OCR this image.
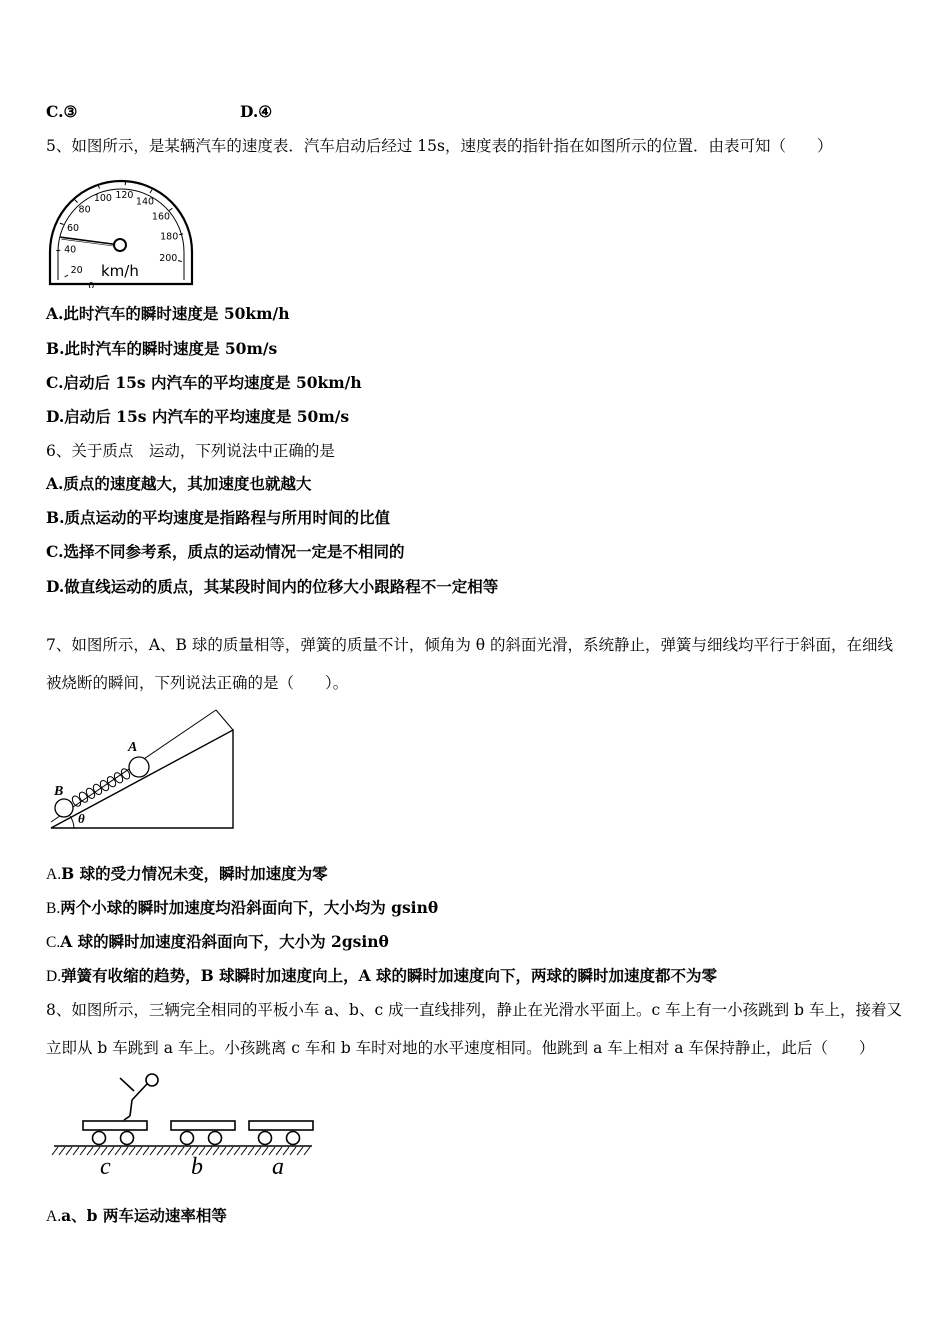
C.③	D.④
5、如图所示，是某辆汽车的速度表．汽车启动后经过 15s，速度表的指针指在如图所示的位置．由表可知（　　）
0
20
40
60
80
100 120
140
160
180
200
km/h
A.此时汽车的瞬时速度是 50km/h
B.此时汽车的瞬时速度是 50m/s
C.启动后 15s 内汽车的平均速度是 50km/h
D.启动后 15s 内汽车的平均速度是 50m/s
6、关于质点　运动，下列说法中正确的是
A.质点的速度越大，其加速度也就越大
B.质点运动的平均速度是指路程与所用时间的比值
C.选择不同参考系，质点的运动情况一定是不相同的
D.做直线运动的质点，其某段时间内的位移大小跟路程不一定相等
7、如图所示，A、B 球的质量相等，弹簧的质量不计，倾角为 θ 的斜面光滑，系统静止，弹簧与细线均平行于斜面，在细线
被烧断的瞬间，下列说法正确的是（　　）。
A
B
θ
A.B 球的受力情况未变，瞬时加速度为零
B.两个小球的瞬时加速度均沿斜面向下，大小均为 gsinθ
C.A 球的瞬时加速度沿斜面向下，大小为 2gsinθ
D.弹簧有收缩的趋势，B 球瞬时加速度向上，A 球的瞬时加速度向下，两球的瞬时加速度都不为零
8、如图所示，三辆完全相同的平板小车 a、b、c 成一直线排列，静止在光滑水平面上。c 车上有一小孩跳到 b 车上，接着又
立即从 b 车跳到 a 车上。小孩跳离 c 车和 b 车时对地的水平速度相同。他跳到 a 车上相对 a 车保持静止，此后（　　）
c	b	a
A.a、b 两车运动速率相等
